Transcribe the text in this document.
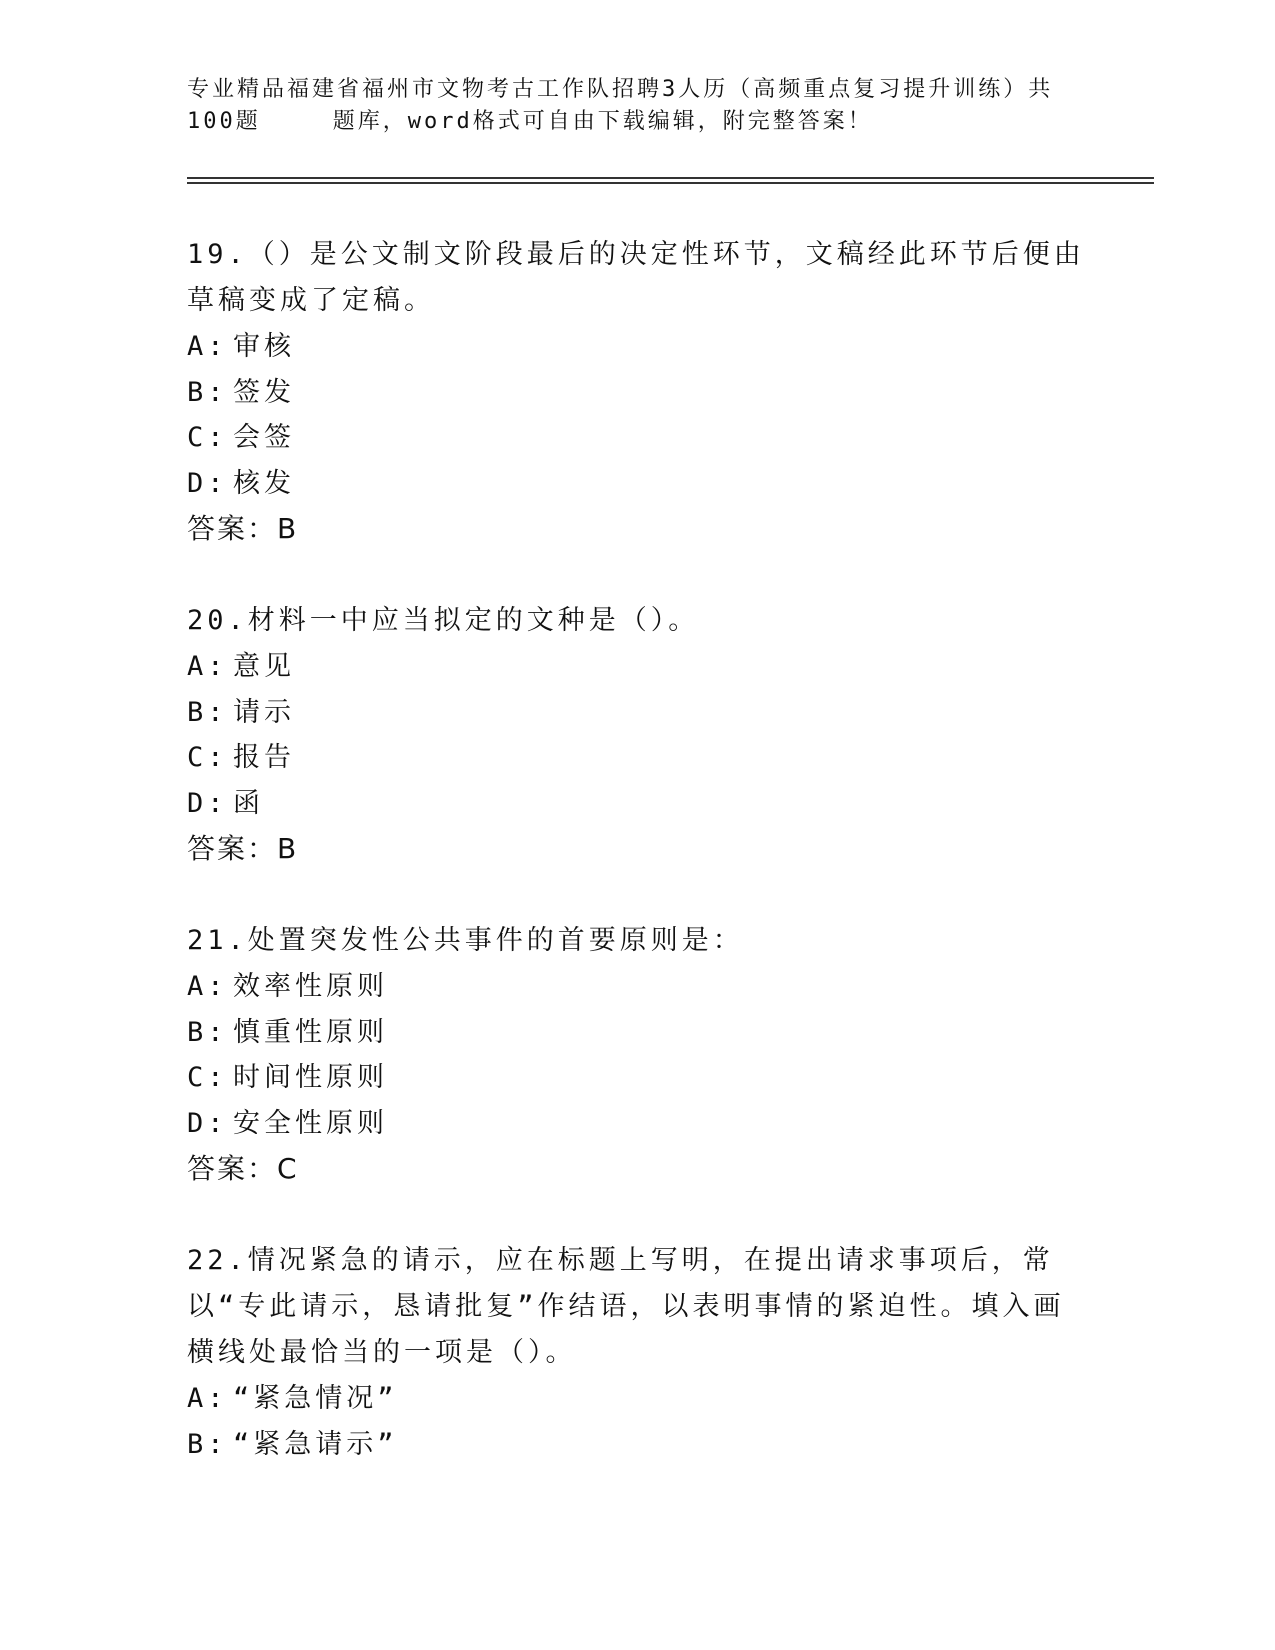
专业精品福建省福州市文物考古工作队招聘3人历（高频重点复习提升训练）共
100题	题库，word格式可自由下载编辑，附完整答案！
19.（）是公文制文阶段最后的决定性环节，文稿经此环节后便由草稿变成了定稿。
A: 审核
B: 签发
C: 会签
D: 核发
答案：B
20.材料一中应当拟定的文种是（）。
A: 意见
B: 请示
C: 报告
D: 函
答案：B
21.处置突发性公共事件的首要原则是：
A: 效率性原则
B: 慎重性原则
C: 时间性原则
D: 安全性原则
答案：C
22.情况紧急的请示，应在标题上写明，在提出请求事项后，常以“专此请示，恳请批复”作结语，以表明事情的紧迫性。填入画横线处最恰当的一项是（）。
A: “紧急情况”
B: “紧急请示”
